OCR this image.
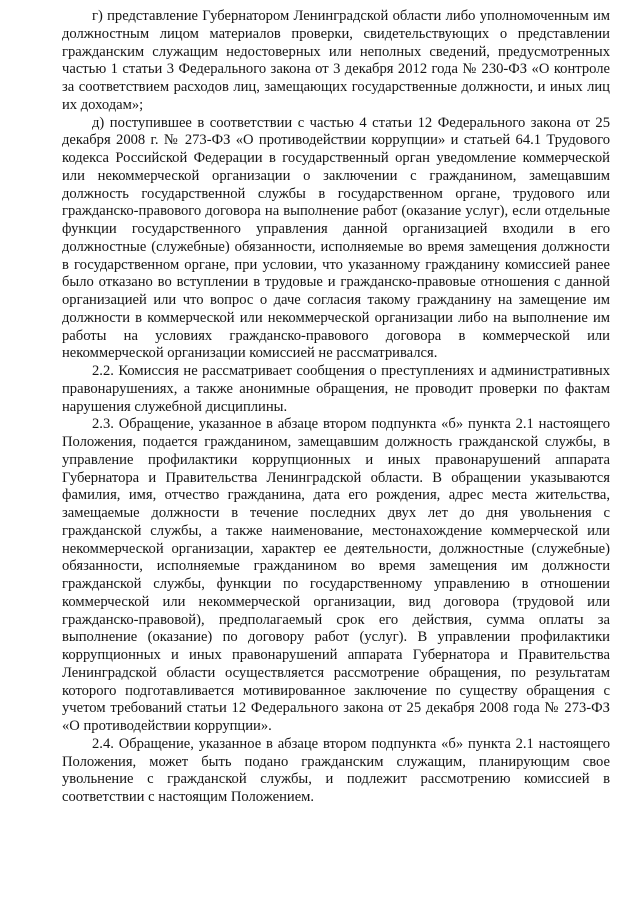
г) представление Губернатором Ленинградской области либо уполномоченным им должностным лицом материалов проверки, свидетельствующих о представлении гражданским служащим недостоверных или неполных сведений, предусмотренных частью 1 статьи 3 Федерального закона от 3 декабря 2012 года № 230-ФЗ «О контроле за соответствием расходов лиц, замещающих государственные должности, и иных лиц их доходам»;

д) поступившее в соответствии с частью 4 статьи 12 Федерального закона от 25 декабря 2008 г. № 273-ФЗ «О противодействии коррупции» и статьей 64.1 Трудового кодекса Российской Федерации в государственный орган уведомление коммерческой или некоммерческой организации о заключении с гражданином, замещавшим должность государственной службы в государственном органе, трудового или гражданско-правового договора на выполнение работ (оказание услуг), если отдельные функции государственного управления данной организацией входили в его должностные (служебные) обязанности, исполняемые во время замещения должности в государственном органе, при условии, что указанному гражданину комиссией ранее было отказано во вступлении в трудовые и гражданско-правовые отношения с данной организацией или что вопрос о даче согласия такому гражданину на замещение им должности в коммерческой или некоммерческой организации либо на выполнение им работы на условиях гражданско-правового договора в коммерческой или некоммерческой организации комиссией не рассматривался.

2.2. Комиссия не рассматривает сообщения о преступлениях и административных правонарушениях, а также анонимные обращения, не проводит проверки по фактам нарушения служебной дисциплины.

2.3. Обращение, указанное в абзаце втором подпункта «б» пункта 2.1 настоящего Положения, подается гражданином, замещавшим должность гражданской службы, в управление профилактики коррупционных и иных правонарушений аппарата Губернатора и Правительства Ленинградской области. В обращении указываются фамилия, имя, отчество гражданина, дата его рождения, адрес места жительства, замещаемые должности в течение последних двух лет до дня увольнения с гражданской службы, а также наименование, местонахождение коммерческой или некоммерческой организации, характер ее деятельности, должностные (служебные) обязанности, исполняемые гражданином во время замещения им должности гражданской службы, функции по государственному управлению в отношении коммерческой или некоммерческой организации, вид договора (трудовой или гражданско-правовой), предполагаемый срок его действия, сумма оплаты за выполнение (оказание) по договору работ (услуг). В управлении профилактики коррупционных и иных правонарушений аппарата Губернатора и Правительства Ленинградской области осуществляется рассмотрение обращения, по результатам которого подготавливается мотивированное заключение по существу обращения с учетом требований статьи 12 Федерального закона от 25 декабря 2008 года № 273-ФЗ «О противодействии коррупции».

2.4. Обращение, указанное в абзаце втором подпункта «б» пункта 2.1 настоящего Положения, может быть подано гражданским служащим, планирующим свое увольнение с гражданской службы, и подлежит рассмотрению комиссией в соответствии с настоящим Положением.
